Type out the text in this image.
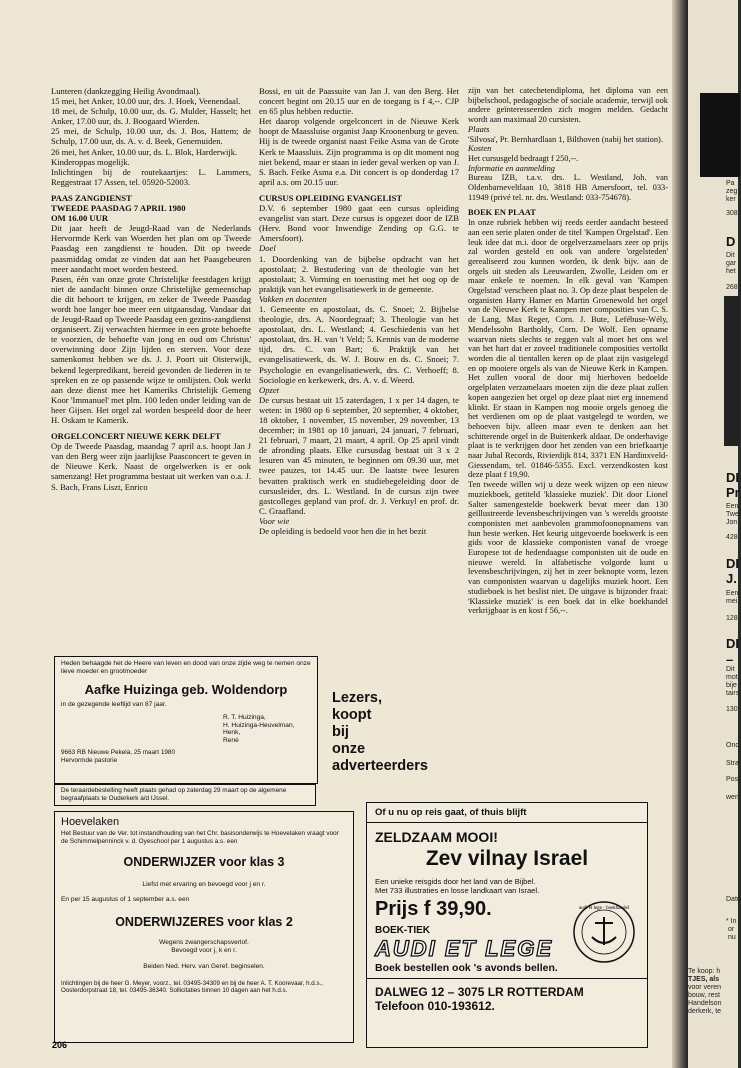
Lunteren (dankzegging Heilig Avondmaal).

15 mei, het Anker, 10.00 uur, drs. J. Hoek, Veenendaal.

18 mei, de Schulp, 10.00 uur, ds. G. Mulder, Hasselt; het Anker, 17.00 uur, ds. J. Boogaard Wierden.

25 mei, de Schulp, 10.00 uur, ds. J. Bos, Hattem; de Schulp, 17.00 uur, ds. A. v. d. Beek, Genemuiden.

26 mei, het Anker, 10.00 uur, ds. L. Blok, Harderwijk.

Kinderoppas mogelijk.

Inlichtingen bij de routekaartjes: L. Lammers, Reggestraat 17 Assen, tel. 05920-52003.

PAAS ZANGDIENST

TWEEDE PAASDAG 7 APRIL 1980

OM 16.00 UUR

Dit jaar heeft de Jeugd-Raad van de Nederlands Hervormde Kerk van Woerden het plan om op Tweede Paasdag een zangdienst te houden. Dit op tweede paasmiddag omdat ze vinden dat aan het Paasgebeuren meer aandacht moet worden besteed.

Pasen, één van onze grote Christelijke feestdagen krijgt niet de aandacht binnen onze Christelijke gemeenschap die dit behoort te krijgen, en zeker de Tweede Paasdag wordt hoe langer hoe meer een uitgaansdag. Vandaar dat de Jeugd-Raad op Tweede Paasdag een gezins-zangdienst organiseert. Zij verwachten hiermee in een grote behoefte te voorzien, de behoefte van jong en oud om Christus' overwinning door Zijn lijden en sterven. Voor deze samenkomst hebben we ds. J. J. Poort uit Oisterwijk, bekend legerpredikant, bereid gevonden de liederen in te spreken en ze op passende wijze te omlijsten. Ook werkt aan deze dienst mee het Kameriks Christelijk Gemeng Koor 'Immanuel' met plm. 100 leden onder leiding van de heer Gijsen. Het orgel zal worden bespeeld door de heer H. Oskam te Kamerik.

ORGELCONCERT NIEUWE KERK DELFT

Op de Tweede Paasdag, maandag 7 april a.s. hoopt Jan J van den Berg weer zijn jaarlijkse Paasconcert te geven in de Nieuwe Kerk. Naast de orgelwerken is er ook samenzang! Het programma bestaat uit werken van o.a. J. S. Bach, Frans Liszt, Enrico

Bossi, en uit de Paassuite van Jan J. van den Berg. Het concert begint om 20.15 uur en de toegang is f 4,--. CJP en 65 plus hebben reductie.

Het daarop volgende orgelconcert in de Nieuwe Kerk hoopt de Maassluise organist Jaap Kroonenburg te geven. Hij is de tweede organist naast Feike Asma van de Grote Kerk te Maassluis. Zijn programma is op dit moment nog niet bekend, maar er staan in ieder geval werken op van J. S. Bach. Feike Asma e.a. Dit concert is op donderdag 17 april a.s. om 20.15 uur.

CURSUS OPLEIDING EVANGELIST

D.V. 6 september 1980 gaat een cursus opleiding evangelist van start. Deze cursus is opgezet door de IZB (Herv. Bond voor Inwendige Zending op G.G. te Amersfoort).

Doel

1. Doordenking van de bijbelse opdracht van het apostolaat; 2. Bestudering van de theologie van het apostolaat; 3. Vorming en toerusting met het oog op de praktijk van het evangelisatiewerk in de gemeente.

Vakken en docenten

1. Gemeente en apostolaat, ds. C. Snoei; 2. Bijbelse theologie, drs. A. Noordegraaf; 3. Theologie van het apostolaat, drs. L. Westland; 4. Geschiedenis van het apostolaat, drs. H. van 't Veld; 5. Kennis van de moderne tijd, drs. C. van Bart; 6. Praktijk van het evangelisatiewerk, ds. W. J. Bouw en ds. C. Snoei; 7. Psychologie en evangelisatiewerk, drs. C. Verhoeff; 8. Sociologie en kerkewerk, drs. A. v. d. Weerd.

Opzet

De cursus bestaat uit 15 zaterdagen, 1 x per 14 dagen, te weten: in 1980 op 6 september, 20 september, 4 oktober, 18 oktober, 1 november, 15 november, 29 november, 13 december; in 1981 op 10 januari, 24 januari, 7 februari, 21 februari, 7 maart, 21 maart, 4 april. Op 25 april vindt de afronding plaats. Elke cursusdag bestaat uit 3 x 2 lesuren van 45 minuten, te beginnen om 09.30 uur, met twee pauzes, tot 14.45 uur. De laatste twee lesuren bevatten praktisch werk en studiebegeleiding door de cursusleider, drs. L. Westland. In de cursus zijn twee gastcolleges gepland van prof. dr. J. Verkuyl en prof. dr. C. Graafland.

Voor wie

De opleiding is bedoeld voor hen die in het bezit

zijn van het catechetendiploma, het diploma van een bijbelschool, pedagogische of sociale academie, terwijl ook andere geïnteresseerden zich mogen melden. Gedacht wordt aan maximaal 20 cursisten.

Plaats

'Silvosa', Pr. Bernhardlaan 1, Bilthoven (nabij het station).

Kosten

Het cursusgeld bedraagt f 250,--.

Informatie en aanmelding

Bureau IZB, t.a.v. drs. L. Westland, Joh. van Oldenbarneveltlaan 10, 3818 HB Amersfoort, tel. 033-11949 (privé tel. nr. drs. Westland: 033-754678).

BOEK EN PLAAT

In onze rubriek hebben wij reeds eerder aandacht besteed aan een serie platen onder de titel 'Kampen Orgelstad'. Een leuk idee dat m.i. door de orgelverzamelaars zeer op prijs zal worden gesteld en ook van andere 'orgelsteden' gerealiseerd zou kunnen worden, ik denk bijv. aan de orgels uit steden als Leeuwarden, Zwolle, Leiden om er maar enkele te noemen. In elk geval van 'Kampen Orgelstad' verscheen plaat no. 3. Op deze plaat bespelen de organisten Harry Hamer en Martin Groenewold het orgel van de Nieuwe Kerk te Kampen met composities van C. S. de Lang, Max Reger, Corn. J. Bute, Lefébuse-Wély, Mendelssohn Bartholdy, Corn. De Wolf. Een opname waarvan niets slechts te zeggen valt al moet het ons wel van het hart dat er zoveel traditionele composities vertolkt worden die al tientallen keren op de plaat zijn vastgelegd en op mooiere orgels als van de Nieuwe Kerk in Kampen. Het zullen vooral de door mij hierboven bedoelde orgelplaten verzamelaars moeten zijn die deze plaat zullen kopen aangezien het orgel op deze plaat niet erg innemend klinkt. Er staan in Kampen nog mooie orgels genoeg die het verdienen om op de plaat vastgelegd te worden, we behoeven bijv. alleen maar even te denken aan het schitterende orgel in de Buitenkerk aldaar. De onderhavige plaat is te verkrijgen door het zenden van een briefkaartje naar Jubal Records, Rivierdijk 814, 3371 EN Hardinxveld-Giessendam, tel. 01846-5355. Excl. verzendkosten kost deze plaat f 19,90.

Ten tweede willen wij u deze week wijzen op een nieuw muziekboek, getiteld 'klassieke muziek'. Dit door Lionel Salter samengestelde boekwerk bevat meer dan 130 geïllustreerde levensbeschrijvingen van 's werelds grootste componisten met aanbevolen grammofoonopnamens van hun beste werken. Het keurig uitgevoerde boekwerk is een gids voor de klassieke componisten vanaf de vroege Europese tot de hedendaagse componisten uit de oude en nieuwe wereld. In alfabetische volgorde kunt u levensbeschrijvingen, zij het in zeer beknopte vorm, lezen van componisten waarvan u dagelijks muziek hoort. Een studieboek is het beslist niet. De uitgave is bijzonder fraai: 'Klassieke muziek' is een boek dat in elke boekhandel verkrijgbaar is en kost f 56,--.

Heden behaagde het de Heere van leven en dood van onze zijde weg te nemen onze lieve moeder en grootmoeder
Aafke Huizinga geb. Woldendorp
in de gezegende leeftijd van 87 jaar.
R. T. Huizinga,
H. Huizinga-Heuvelman,
Henk,
René
9663 RB Nieuwe Pekela, 25 maart 1980
Hervormde pastorie
De teraardebestelling heeft plaats gehad op zaterdag 29 maart op de algemene begraafplaats te Ouderkerk a/d IJssel.
Lezers,
koopt
bij
onze
adverteerders
Hoevelaken
Het Bestuur van de Ver. tot instandhouding van het Chr. basisonderwijs te Hoevelaken vraagt voor de Schimmelpenninck v. d. Oyeschool per 1 augustus a.s. een
ONDERWIJZER voor klas 3
Liefst met ervaring en bevoegd voor j en r.
En per 15 augustus of 1 september a.s. een
ONDERWIJZERES voor klas 2
Wegens zwangerschapsverlof.
Bevoegd voor j, k en r.
Beiden Ned. Herv. van Geref. beginselen.
Inlichtingen bij de heer G. Meyer, voorz., tel. 03495-34309 en bij de heer A. T. Koorevaar, h.d.s., Oosterdorpstraat 18, tel. 03495-36340. Sollicitaties binnen 10 dagen aan het h.d.s.
Of u nu op reis gaat, of thuis blijft
ZELDZAAM MOOI!
Zev vilnay Israel
Een unieke reisgids door het land van de Bijbel.
Met 733 illustraties en losse landkaart van Israel.
Prijs f 39,90.
BOEK-TIEK
AUDI ET LEGE
Boek bestellen ook 's avonds bellen.
DALWEG 12 – 3075 LR ROTTERDAM
Telefoon 010-193612.
audi et lege · boekhandel
206
IN
B
Pa
zeg
ker
308
D
Dit
gar
het
268
DI
Pr
Een
Twe
Jon
428
DI
J.
Een
mei
128
DI
–
Dit
mot
bije
tairs
130
Ond
Stra
Post
wen
Datu
* In
or
nu
Te koop: h
TJES, als
voor veren
bouw, rest
Handelson
derkerk, te
